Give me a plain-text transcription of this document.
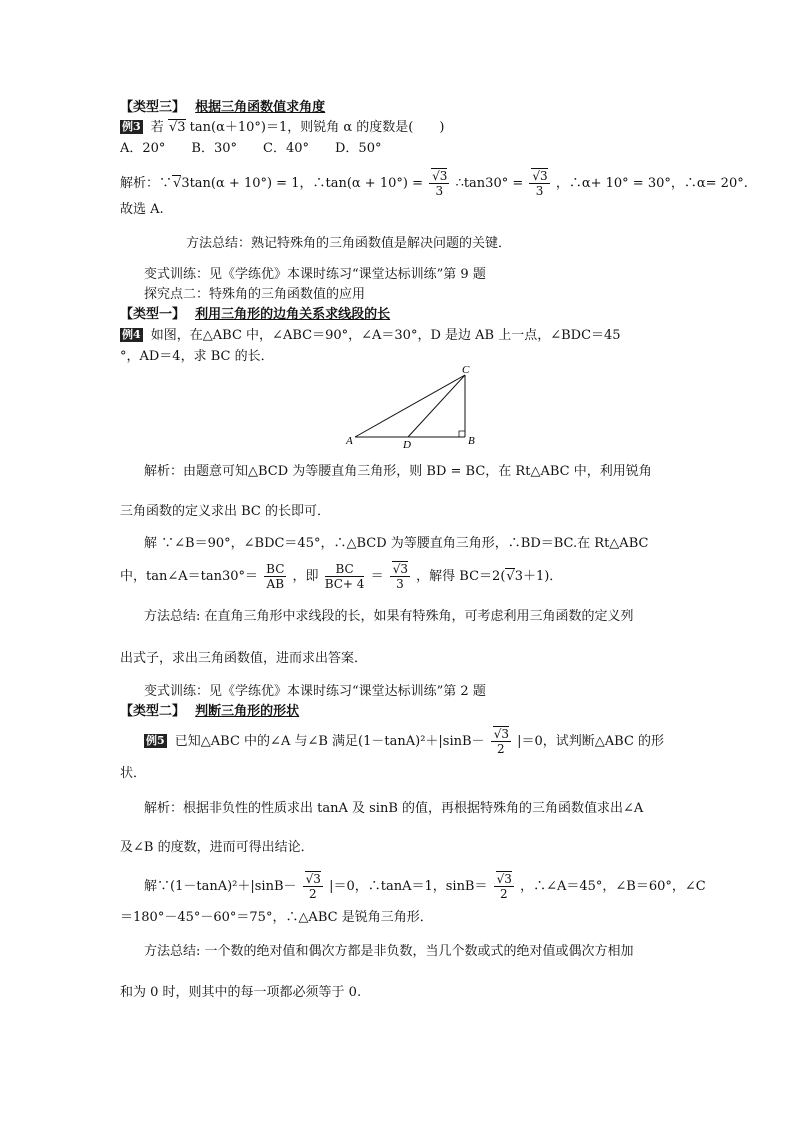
【类型三】 根据三角函数值求角度
例3 若 √ 3 tan(α＋10°)＝1，则锐角 α 的度数是(　　)
A．20°　　B．30°　　C．40°　　D．50°
解析：∵ √ 3tan(α + 10°) = 1，∴tan(α + 10°) = √ $\frac{3}{3}$ ∴tan30° = √ $\frac{3}{3}$ ，∴α+ 10° = 30°，∴α= 20°.
故选 A.
方法总结：熟记特殊角的三角函数值是解决问题的关键．
变式训练：见《学练优》本课时练习“课堂达标训练”第 9 题
探究点二：特殊角的三角函数值的应用
【类型一】 利用三角形的边角关系求线段的长
例4 如图，在△ABC 中，∠ABC＝90°，∠A＝30°，D 是边 AB 上一点，∠BDC＝45
°，AD＝4，求 BC 的长．
A	D	B
C
解析：由题意可知△BCD 为等腰直角三角形，则 BD = BC，在 Rt△ABC 中，利用锐角
三角函数的定义求出 BC 的长即可．
解 ∵∠B＝90°，∠BDC＝45°，∴△BCD 为等腰直角三角形，∴BD＝BC.在 Rt△ABC
中，tan∠A＝tan30°＝ $\frac{BC}{AB}$ ，即 $\frac{BC}{BC+ 4}$ ＝ √ $\frac{3}{3}$ ，解得 BC＝2( √ 3＋1)．
方法总结: 在直角三角形中求线段的长，如果有特殊角，可考虑利用三角函数的定义列
出式子，求出三角函数值，进而求出答案．
变式训练：见《学练优》本课时练习“课堂达标训练”第 2 题
【类型二】 判断三角形的形状
例5 已知△ABC 中的∠A 与∠B 满足(1－tanA)²＋|sinB－ √ $\frac{3}{2} |=0$，试判断△ABC 的形
状．
解析：根据非负性的性质求出 tanA 及 sinB 的值，再根据特殊角的三角函数值求出∠A
及∠B 的度数，进而可得出结论．
解∵(1－tanA)²＋|sinB－ √ $\frac{3}{2} |=0$，∴tanA＝1，sinB＝ √ $\frac{3}{2}$ ，∴∠A＝45°，∠B＝60°，∠C
＝180°－45°－60°＝75°，∴△ABC 是锐角三角形．
方法总结: 一个数的绝对值和偶次方都是非负数，当几个数或式的绝对值或偶次方相加
和为 0 时，则其中的每一项都必须等于 0.
